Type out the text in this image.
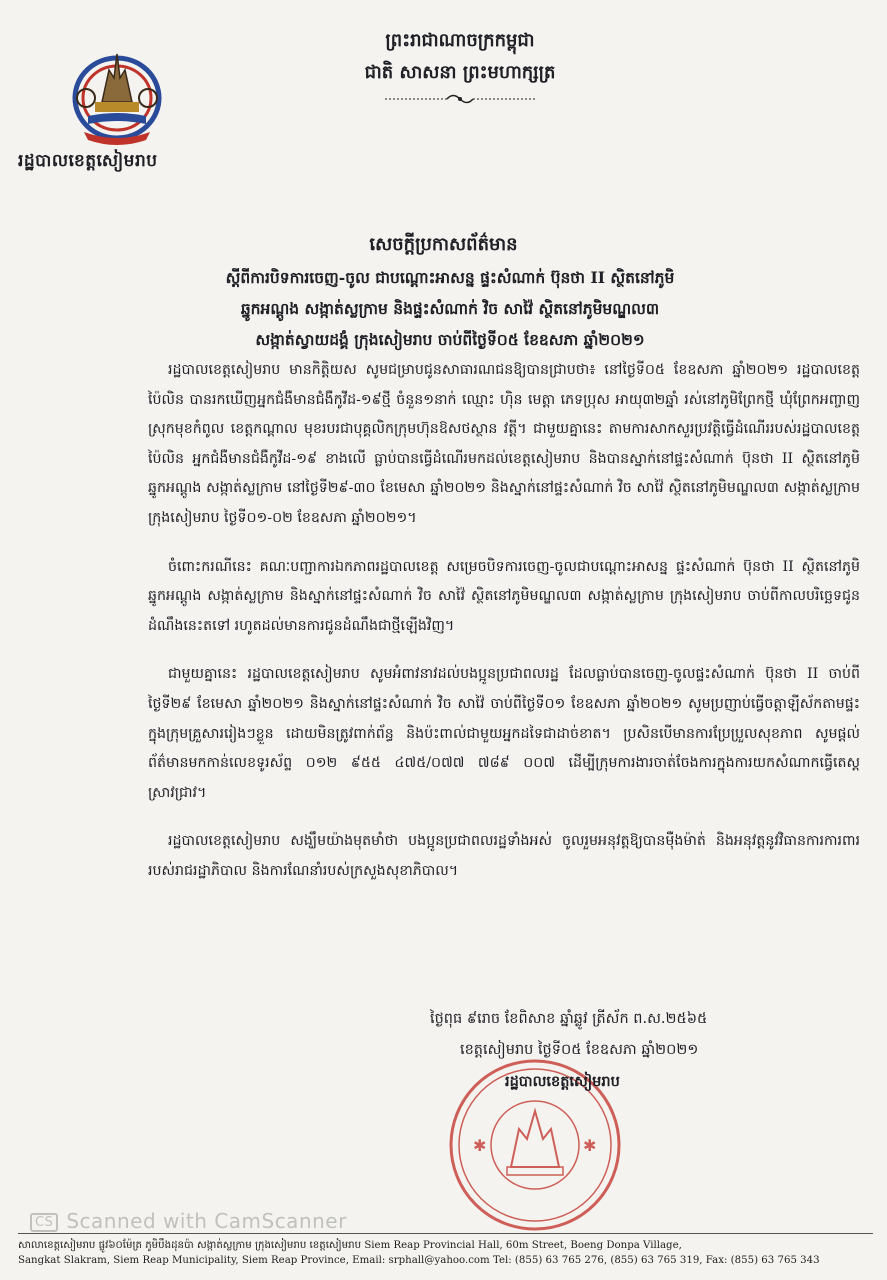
រដ្ឋបាលខេត្តសៀមរាប
ព្រះរាជាណាចក្រកម្ពុជា
ជាតិ សាសនា ព្រះមហាក្សត្រ
សេចក្តីប្រកាសព័ត៌មាន
ស្តីពីការបិទការចេញ-ចូល ជាបណ្តោះអាសន្ន ផ្ទះសំណាក់ ប៊ុនថា II ស្ថិតនៅភូមិ
ឆ្នូកអណ្តូង សង្កាត់ស្លក្រាម និងផ្ទះសំណាក់ វិច សាវ៉ៃ ស្ថិតនៅភូមិមណ្ឌល៣
សង្កាត់ស្វាយដង្គំ ក្រុងសៀមរាប ចាប់ពីថ្ងៃទី០៥ ខែឧសភា ឆ្នាំ២០២១

រដ្ឋបាលខេត្តសៀមរាប មានកិត្តិយស សូមជម្រាបជូនសាធារណជនឱ្យបានជ្រាបថា៖ នៅថ្ងៃទី០៥ ខែឧសភា ឆ្នាំ២០២១ រដ្ឋបាលខេត្តប៉ៃលិន បានរកឃើញអ្នកជំងឺមានជំងឺកូវីដ-១៩ថ្មី ចំនួន១នាក់ ឈ្មោះ ហ៊ិន មេត្តា ភេទប្រុស អាយុ៣២ឆ្នាំ រស់នៅភូមិព្រែកថ្មី ឃុំព្រែកអញ្ចាញ ស្រុកមុខកំពូល ខេត្តកណ្តាល មុខរបរជាបុគ្គលិកក្រុមហ៊ុនឱសថស្ថាន វត្តី។ ជាមួយគ្នានេះ តាមការសាកសួរប្រវត្តិធ្វើដំណើររបស់រដ្ឋបាលខេត្តប៉ៃលិន អ្នកជំងឺមានជំងឺកូវីដ-១៩ ខាងលើ ធ្លាប់បានធ្វើដំណើរមកដល់ខេត្តសៀមរាប និងបានស្នាក់នៅផ្ទះសំណាក់ ប៊ុនថា II ស្ថិតនៅភូមិឆ្នូកអណ្តូង សង្កាត់ស្លក្រាម នៅថ្ងៃទី២៩-៣០ ខែមេសា ឆ្នាំ២០២១ និងស្នាក់នៅផ្ទះសំណាក់ វិច សាវ៉ៃ ស្ថិតនៅភូមិមណ្ឌល៣ សង្កាត់ស្លក្រាម ក្រុងសៀមរាប ថ្ងៃទី០១-០២ ខែឧសភា ឆ្នាំ២០២១។

ចំពោះករណីនេះ គណៈបញ្ជាការឯកភាពរដ្ឋបាលខេត្ត សម្រេចបិទការចេញ-ចូលជាបណ្តោះអាសន្ន ផ្ទះសំណាក់ ប៊ុនថា II ស្ថិតនៅភូមិឆ្នូកអណ្តូង សង្កាត់ស្លក្រាម និងស្នាក់នៅផ្ទះសំណាក់ វិច សាវ៉ៃ ស្ថិតនៅភូមិមណ្ឌល៣ សង្កាត់ស្លក្រាម ក្រុងសៀមរាប ចាប់ពីកាលបរិច្ឆេទជូនដំណឹងនេះតទៅ រហូតដល់មានការជូនដំណឹងជាថ្មីឡើងវិញ។

ជាមួយគ្នានេះ រដ្ឋបាលខេត្តសៀមរាប សូមអំពាវនាវដល់បងប្អូនប្រជាពលរដ្ឋ ដែលធ្លាប់បានចេញ-ចូលផ្ទះសំណាក់ ប៊ុនថា II ចាប់ពីថ្ងៃទី២៩ ខែមេសា ឆ្នាំ២០២១ និងស្នាក់នៅផ្ទះសំណាក់ វិច សាវ៉ៃ ចាប់ពីថ្ងៃទី០១ ខែឧសភា ឆ្នាំ២០២១ សូមប្រញាប់ធ្វើចត្តាឡីស័កតាមផ្ទះក្នុងក្រុមគ្រួសាររៀងៗខ្លួន ដោយមិនត្រូវពាក់ព័ន្ធ និងប៉ះពាល់ជាមួយអ្នកដទៃជាដាច់ខាត។ ប្រសិនបើមានការប្រែប្រួលសុខភាព សូមផ្តល់ព័ត៌មានមកកាន់លេខទូរស័ព្ទ ០១២ ៩៥៥ ៤៧៥/០៧៧ ៧៨៩ ០០៧ ដើម្បីក្រុមការងារចាត់ចែងការក្នុងការយកសំណាកធ្វើតេស្តស្រាវជ្រាវ។

រដ្ឋបាលខេត្តសៀមរាប សង្ឃឹមយ៉ាងមុតមាំថា បងប្អូនប្រជាពលរដ្ឋទាំងអស់ ចូលរួមអនុវត្តឱ្យបានម៉ឺងម៉ាត់ និងអនុវត្តនូវវិធានការការពាររបស់រាជរដ្ឋាភិបាល និងការណែនាំរបស់ក្រសួងសុខាភិបាល។

✱	✱
ថ្ងៃពុធ ៩រោច ខែពិសាខ ឆ្នាំឆ្លូវ ត្រីស័ក ព.ស.២៥៦៥
ខេត្តសៀមរាប ថ្ងៃទី០៥ ខែឧសភា ឆ្នាំ២០២១
រដ្ឋបាលខេត្តសៀមរាប
CS Scanned with CamScanner
សាលាខេត្តសៀមរាប ផ្លូវ៦០ម៉ែត្រ ភូមិបឹងដុនប៉ា សង្កាត់ស្លក្រាម ក្រុងសៀមរាប ខេត្តសៀមរាប Siem Reap Provincial Hall, 60m Street, Boeng Donpa Village,
Sangkat Slakram, Siem Reap Municipality, Siem Reap Province, Email: srphall@yahoo.com Tel: (855) 63 765 276, (855) 63 765 319, Fax: (855) 63 765 343
